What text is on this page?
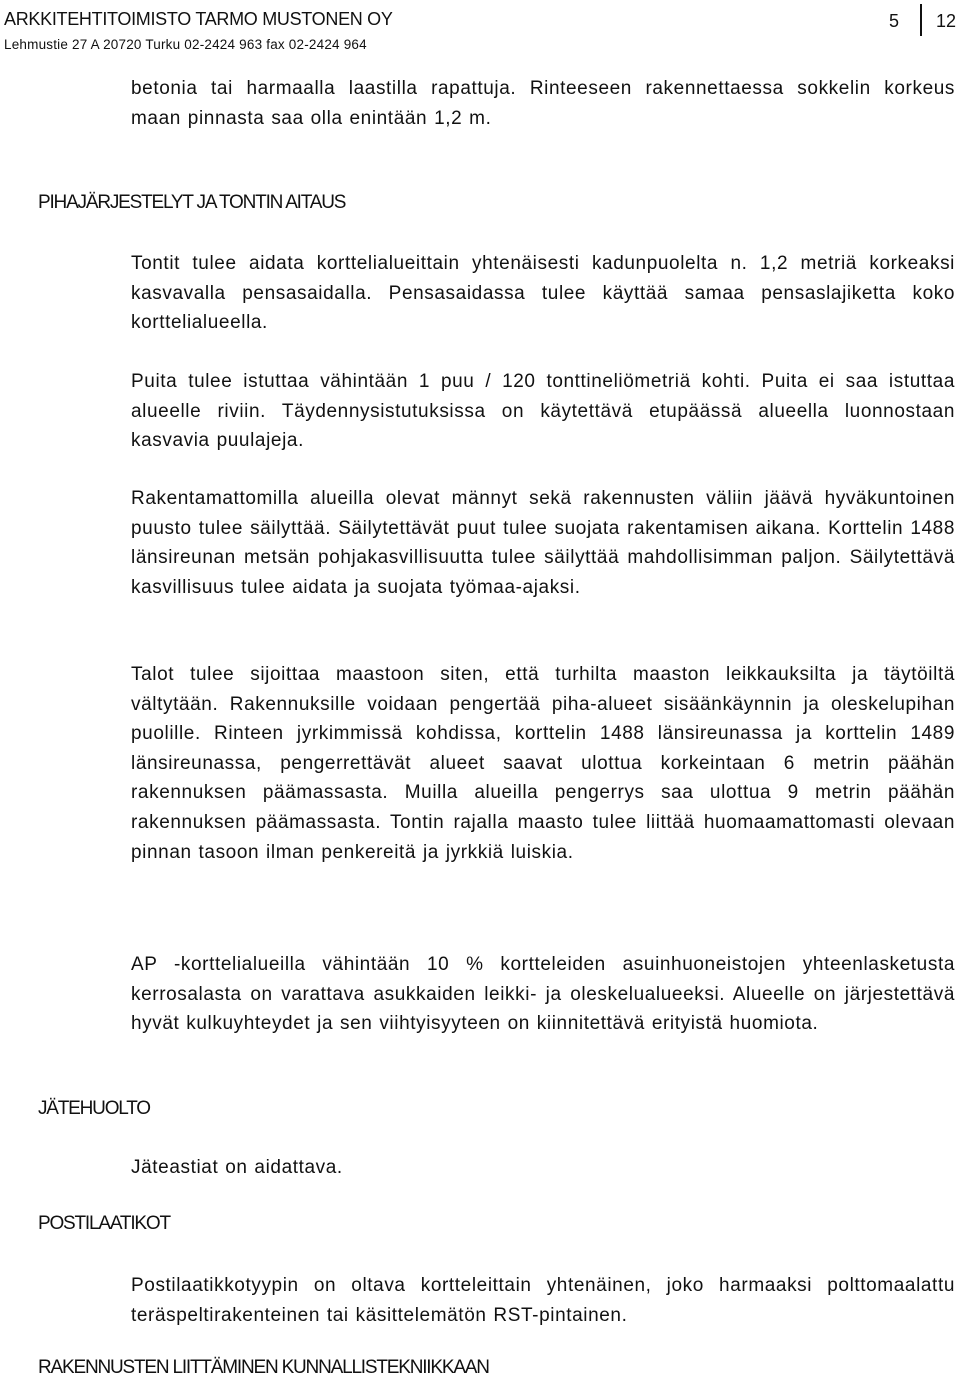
ARKKITEHTITOIMISTO TARMO MUSTONEN OY
Lehmustie 27 A 20720 Turku 02-2424 963 fax 02-2424 964
5 12

betonia tai harmaalla laastilla rapattuja. Rinteeseen rakennettaessa sokkelin korkeus maan pinnasta saa olla enintään 1,2 m.

PIHAJÄRJESTELYT JA TONTIN AITAUS

Tontit tulee aidata korttelialueittain yhtenäisesti kadunpuolelta n. 1,2 metriä korkeaksi kasvavalla pensasaidalla. Pensasaidassa tulee käyttää samaa pensaslajiketta koko korttelialueella.

Puita tulee istuttaa vähintään 1 puu / 120 tonttineliömetriä kohti. Puita ei saa istuttaa alueelle riviin. Täydennysistutuksissa on käytettävä etupäässä alueella luonnostaan kasvavia puulajeja.

Rakentamattomilla alueilla olevat männyt sekä rakennusten väliin jäävä hyväkuntoinen puusto tulee säilyttää. Säilytettävät puut tulee suojata rakentamisen aikana. Korttelin 1488 länsireunan metsän pohjakasvillisuutta tulee säilyttää mahdollisimman paljon. Säilytettävä kasvillisuus tulee aidata ja suojata työmaa-ajaksi.

Talot tulee sijoittaa maastoon siten, että turhilta maaston leikkauksilta ja täytöiltä vältytään. Rakennuksille voidaan pengertää piha-alueet sisäänkäynnin ja oleskelupihan puolille. Rinteen jyrkimmissä kohdissa, korttelin 1488 länsireunassa ja korttelin 1489 länsireunassa, pengerrettävät alueet saavat ulottua korkeintaan 6 metrin päähän rakennuksen päämassasta. Muilla alueilla pengerrys saa ulottua 9 metrin päähän rakennuksen päämassasta. Tontin rajalla maasto tulee liittää huomaamattomasti olevaan pinnan tasoon ilman penkereitä ja jyrkkiä luiskia.

AP -korttelialueilla vähintään 10 % kortteleiden asuinhuoneistojen yhteenlasketusta kerrosalasta on varattava asukkaiden leikki- ja oleskelualueeksi. Alueelle on järjestettävä hyvät kulkuyhteydet ja sen viihtyisyyteen on kiinnitettävä erityistä huomiota.

JÄTEHUOLTO

Jäteastiat on aidattava.

POSTILAATIKOT

Postilaatikkotyypin on oltava kortteleittain yhtenäinen, joko harmaaksi polttomaalattu teräspeltirakenteinen tai käsittelemätön RST-pintainen.

RAKENNUSTEN LIITTÄMINEN KUNNALLISTEKNIIKKAAN
